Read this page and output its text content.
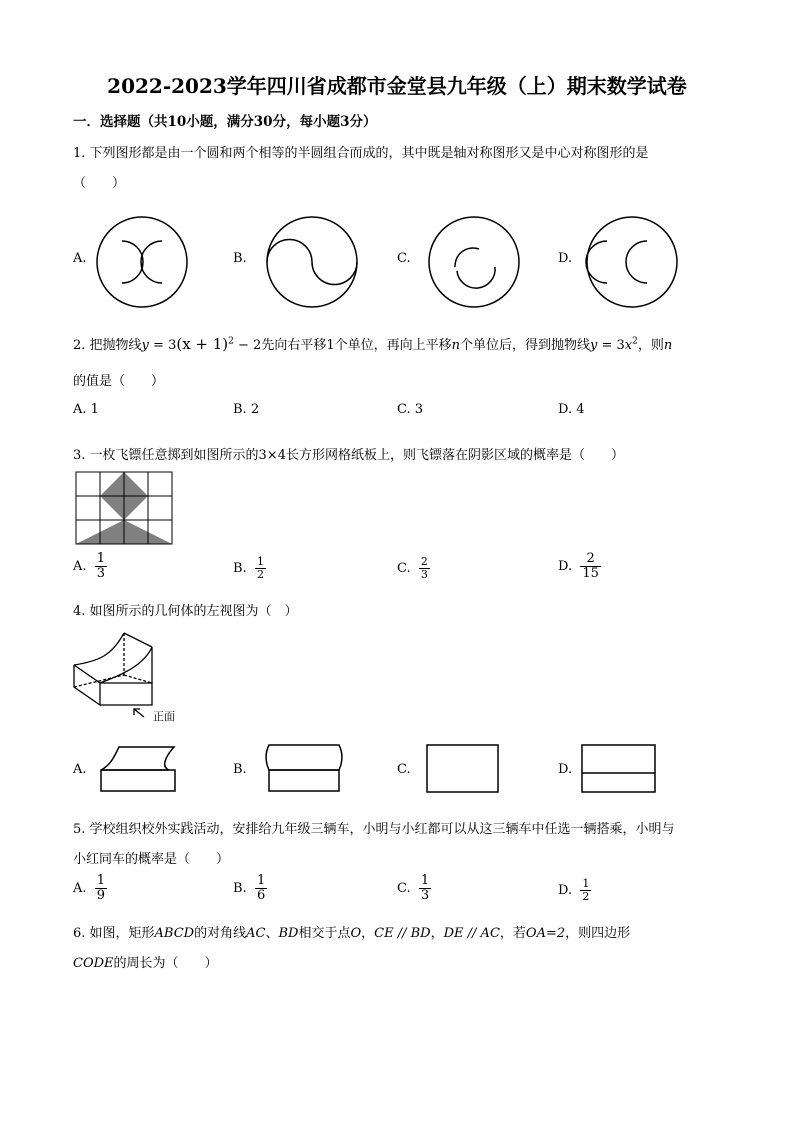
2022-2023学年四川省成都市金堂县九年级（上）期末数学试卷
一．选择题（共10小题，满分30分，每小题3分）
1. 下列图形都是由一个圆和两个相等的半圆组合而成的，其中既是轴对称图形又是中心对称图形的是
（　　）
A.	B.	C.	D.
2. 把抛物线$y = 3(x + 1)^2 - 2$先向右平移1个单位，再向上平移n个单位后，得到抛物线$y = 3x^2$，则n
的值是（　　）
A. 1	B. 2	C. 3	D. 4
3. 一枚飞镖任意掷到如图所示的3×4长方形网格纸板上，则飞镖落在阴影区域的概率是（　　）
A. $\frac{1}{3}$	B. $\frac{1}{2}$	C. $\frac{2}{3}$	D. $\frac{2}{15}$
4. 如图所示的几何体的左视图为（　）
正面
A.	B.	C.	D.
5. 学校组织校外实践活动，安排给九年级三辆车，小明与小红都可以从这三辆车中任选一辆搭乘，小明与
小红同车的概率是（　　）
A. $\frac{1}{9}$	B. $\frac{1}{6}$	C. $\frac{1}{3}$	D. $\frac{1}{2}$
6. 如图，矩形ABCD的对角线AC、BD相交于点O，CE // BD，DE // AC，若OA=2，则四边形
CODE的周长为（　　）
